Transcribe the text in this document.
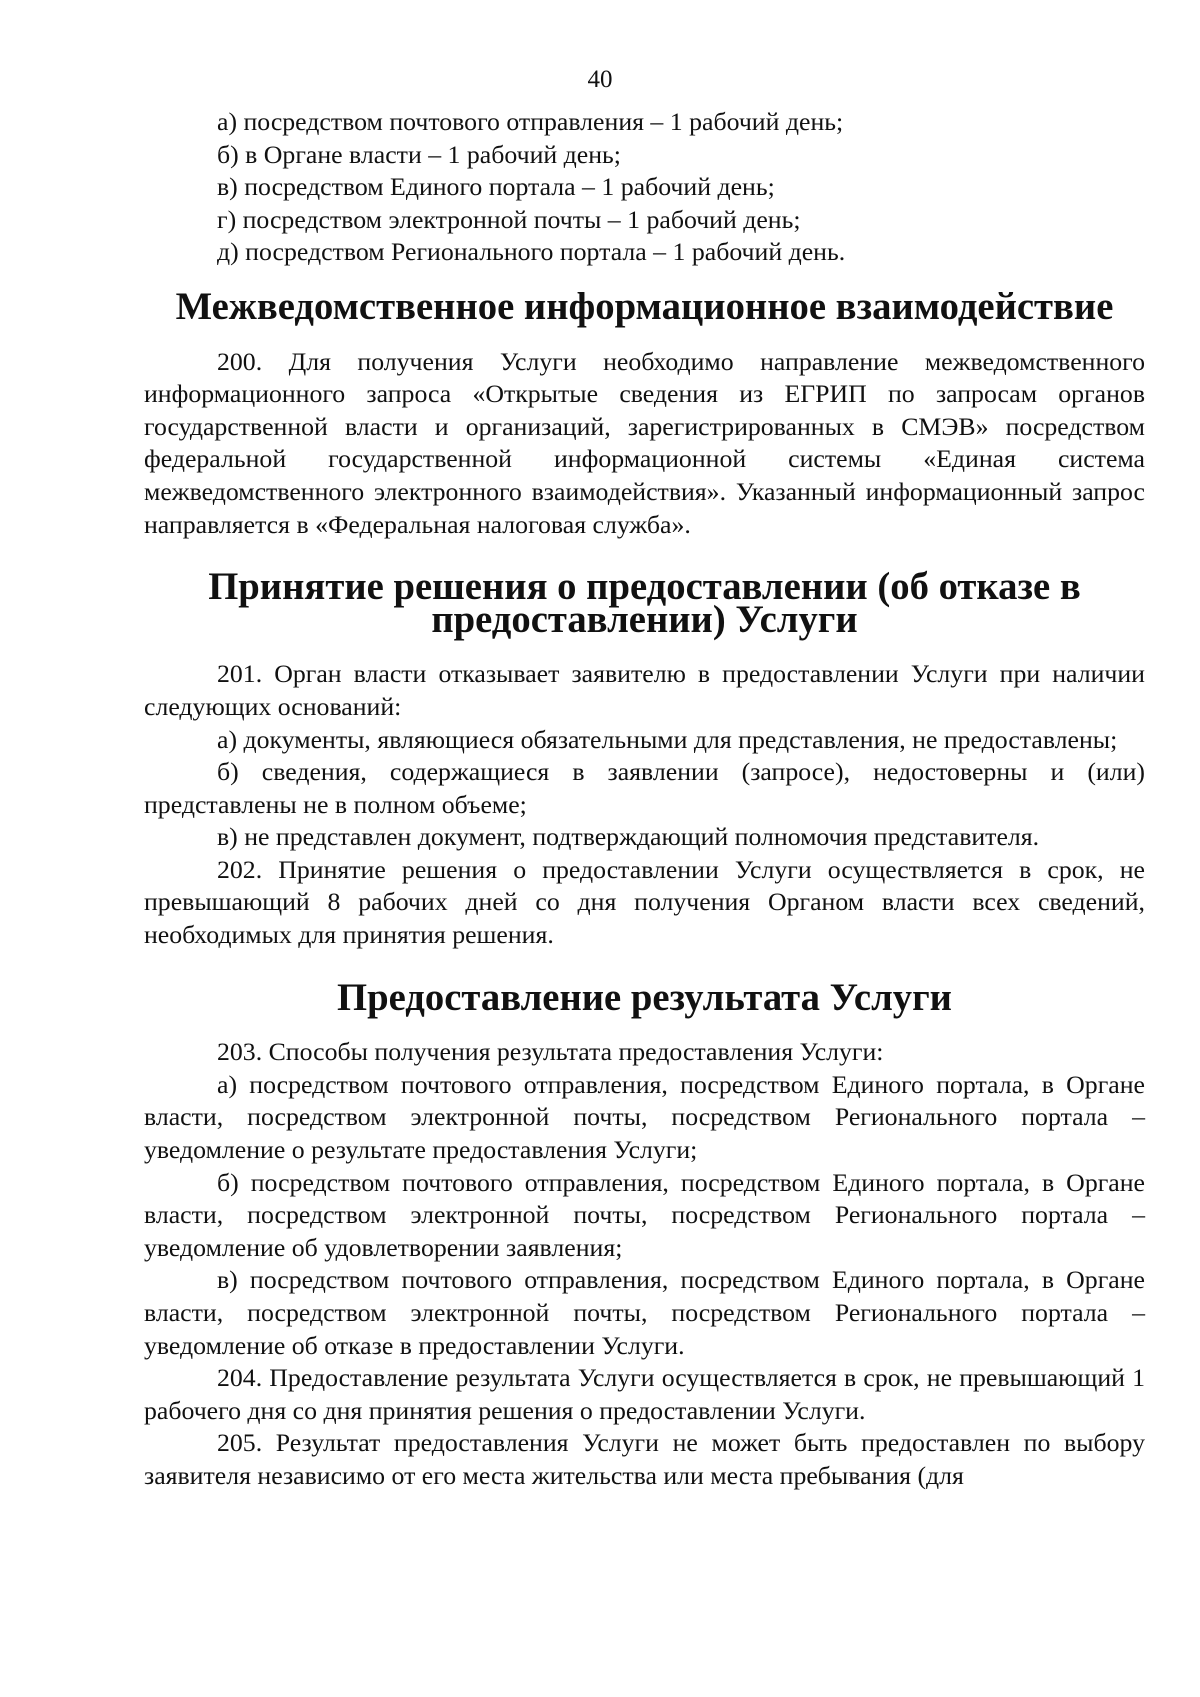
40

а) посредством почтового отправления – 1 рабочий день;

б) в Органе власти – 1 рабочий день;

в) посредством Единого портала – 1 рабочий день;

г) посредством электронной почты – 1 рабочий день;

д) посредством Регионального портала – 1 рабочий день.

Межведомственное информационное взаимодействие

200. Для получения Услуги необходимо направление межведомственного информационного запроса «Открытые сведения из ЕГРИП по запросам органов государственной власти и организаций, зарегистрированных в СМЭВ» посредством федеральной государственной информационной системы «Единая система межведомственного электронного взаимодействия». Указанный информационный запрос направляется в «Федеральная налоговая служба».

Принятие решения о предоставлении (об отказе в предоставлении) Услуги

201. Орган власти отказывает заявителю в предоставлении Услуги при наличии следующих оснований:

а) документы, являющиеся обязательными для представления, не предоставлены;

б) сведения, содержащиеся в заявлении (запросе), недостоверны и (или) представлены не в полном объеме;

в) не представлен документ, подтверждающий полномочия представителя.

202. Принятие решения о предоставлении Услуги осуществляется в срок, не превышающий 8 рабочих дней со дня получения Органом власти всех сведений, необходимых для принятия решения.

Предоставление результата Услуги

203. Способы получения результата предоставления Услуги:

а) посредством почтового отправления, посредством Единого портала, в Органе власти, посредством электронной почты, посредством Регионального портала – уведомление о результате предоставления Услуги;

б) посредством почтового отправления, посредством Единого портала, в Органе власти, посредством электронной почты, посредством Регионального портала – уведомление об удовлетворении заявления;

в) посредством почтового отправления, посредством Единого портала, в Органе власти, посредством электронной почты, посредством Регионального портала – уведомление об отказе в предоставлении Услуги.

204. Предоставление результата Услуги осуществляется в срок, не превышающий 1 рабочего дня со дня принятия решения о предоставлении Услуги.

205. Результат предоставления Услуги не может быть предоставлен по выбору заявителя независимо от его места жительства или места пребывания (для
